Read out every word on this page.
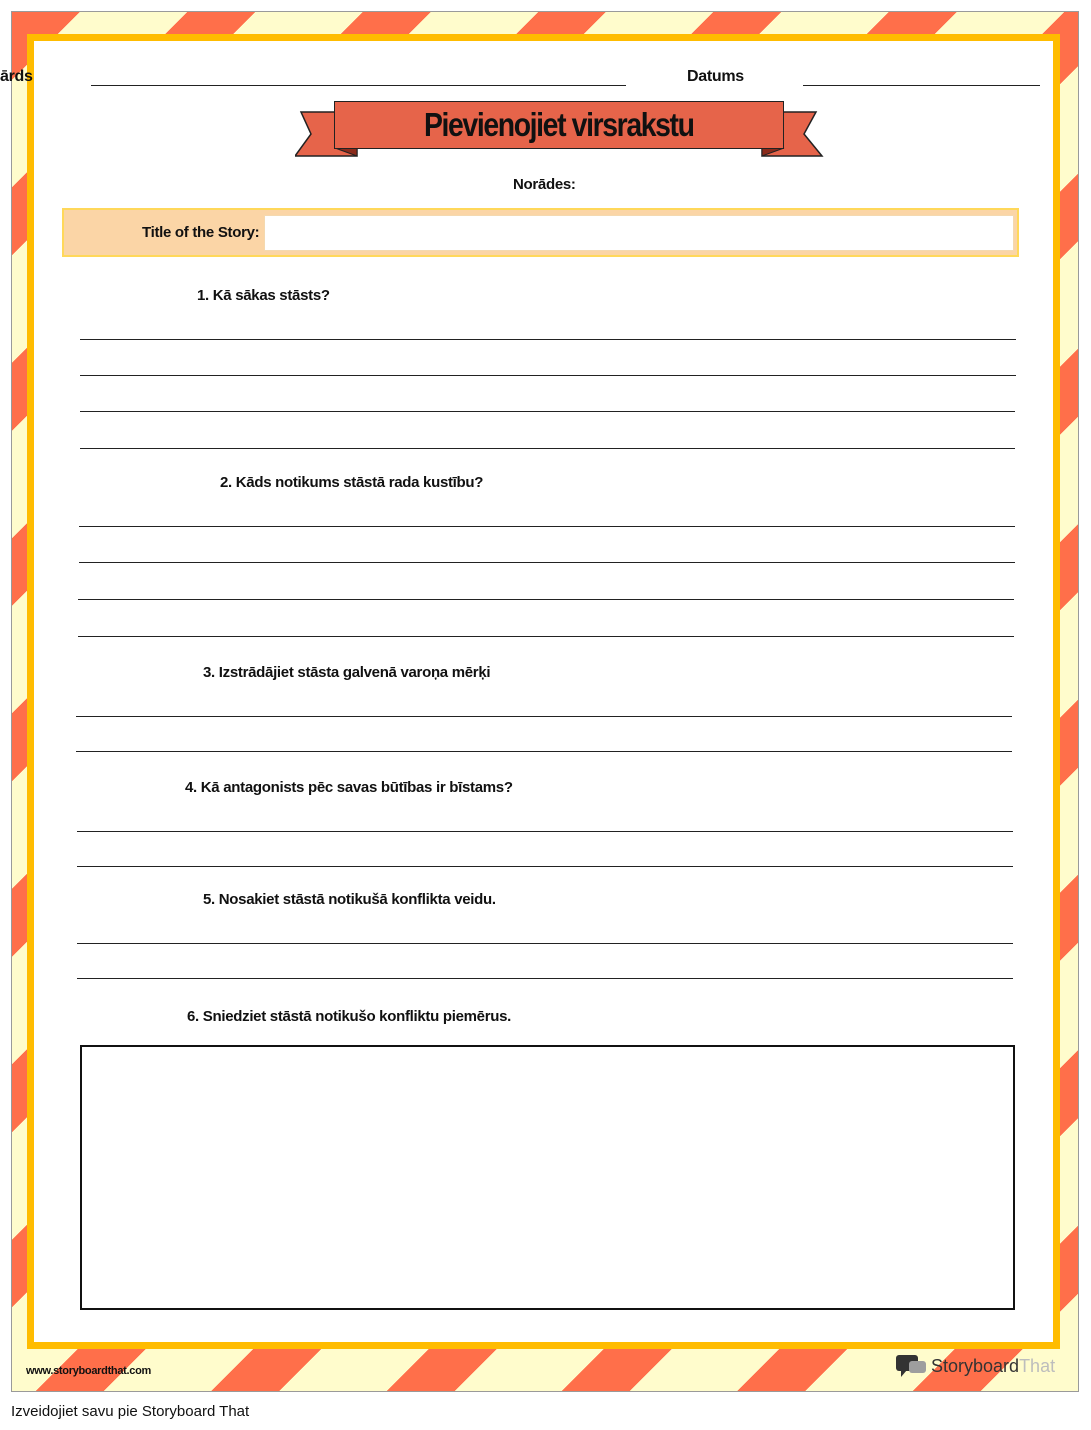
ārds	Datums
Pievienojiet virsrakstu
Norādes:
Title of the Story:
1. Kā sākas stāsts?
2. Kāds notikums stāstā rada kustību?
3. Izstrādājiet stāsta galvenā varoņa mērķi
4. Kā antagonists pēc savas būtības ir bīstams?
5. Nosakiet stāstā notikušā konflikta veidu.
6. Sniedziet stāstā notikušo konfliktu piemērus.
www.storyboardthat.com	StoryboardThat
Izveidojiet savu pie Storyboard That
